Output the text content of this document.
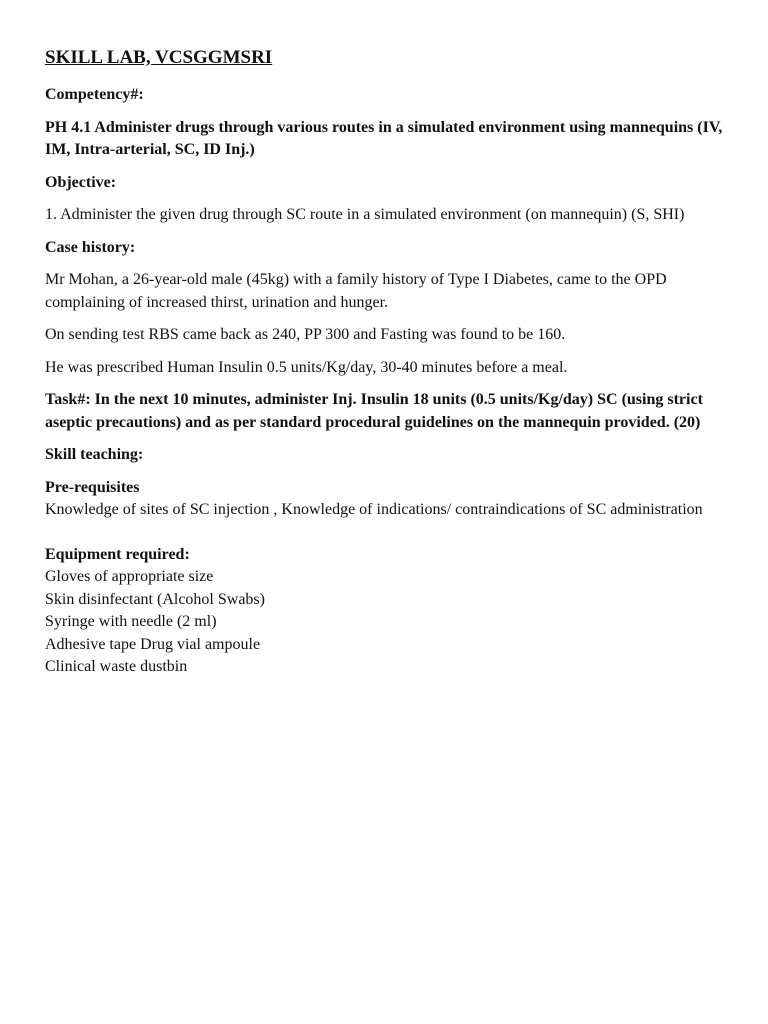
SKILL LAB, VCSGGMSRI
Competency#:
PH 4.1 Administer drugs through various routes in a simulated environment using mannequins (IV, IM, Intra-arterial, SC, ID Inj.)
Objective:
1. Administer the given drug through SC route in a simulated environment (on mannequin) (S, SHI)
Case history:
Mr Mohan, a 26-year-old male (45kg) with a family history of Type I Diabetes, came to the OPD complaining of increased thirst, urination and hunger.
On sending test RBS came back as 240, PP 300 and Fasting was found to be 160.
He was prescribed Human Insulin 0.5 units/Kg/day, 30-40 minutes before a meal.
Task#: In the next 10 minutes, administer Inj. Insulin 18 units (0.5 units/Kg/day) SC (using strict aseptic precautions) and as per standard procedural guidelines on the mannequin provided. (20)
Skill teaching:
Pre-requisites
Knowledge of sites of SC injection , Knowledge of indications/ contraindications of SC administration
Equipment required:
Gloves of appropriate size
Skin disinfectant (Alcohol Swabs)
Syringe with needle (2 ml)
Adhesive tape Drug vial ampoule
Clinical waste dustbin
